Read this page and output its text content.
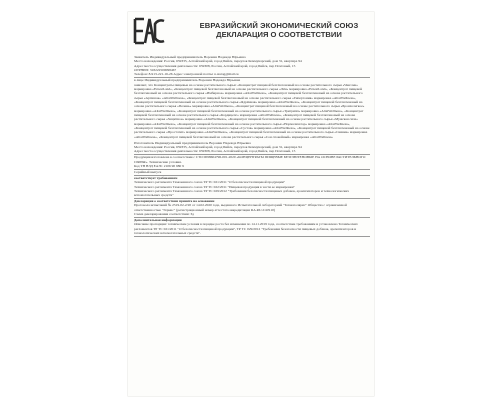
ЕВРАЗИЙСКИЙ ЭКОНОМИЧЕСКИЙ СОЮЗ
ДЕКЛАРАЦИЯ О СООТВЕТСТВИИ

Заявитель Индивидуальный предприниматель Воронин Надежда Юрьевна
Место нахождения: Россия, 659335, Алтайский край, город Бийск, переулок Коммунарский, дом 31, квартира 94
Адрес места осуществления деятельности: 659308, Россия, Алтайский край, город Бийск, пер Почтовый, 15
ОГРНИП: 318222500098467
Телефон: 8-913-221-16-26 Адрес электронной почты: n.atatag@mail.ru

в лице Индивидуальный предприниматель Воронин Надежда Юрьевна
заявляет, что Концентраты пищевые на основе растительного сырья: «Концентрат пищевой безглютеновый на основе растительного сырья «Чиа/лен» маркировка «ErnestLand», «Концентрат пищевой безглютеновый на основе растительного сырья «Лён» маркировка «ErnestLand», «Концентрат пищевой безглютеновый на основе растительного сырья «Имбирное» маркировка «AltaiWellness», «Концентрат пищевой безглютеновый на основе растительного сырья «Артишок» «AltaiWellness», «Концентрат пищевой безглютеновый на основе растительного сырья «Гипертония» маркировка «AltaiWellness», «Концентрат пищевой безглютеновый на основе растительного сырья «Ядрённая» маркировка «AltaiWellness», «Концентрат пищевой безглютеновый на основе растительного сырья «Печень» маркировка «AltaiWellness», «Концентрат пищевой безглютеновый на основе растительного сырья «Бронхолегкое» маркировка «AltaiWellness», «Концентрат пищевой безглютеновый на основе растительного сырья «Тригрипп» маркировка «AltaiWellness», «Концентрат пищевой безглютеновый на основе растительного сырья «Кордицепс» маркировка «AltaiWellness», «Концентрат пищевой безглютеновый на основе растительного сырья «Защитное» маркировка «AltaiWellness», «Концентрат пищевой безглютеновый на основе растительного сырья «Мужская сила» маркировка «AltaiWellness», «Концентрат пищевой безглютеновый на основе растительного сырья «Нормализатор» маркировка «AltaiWellness», «Концентрат пищевой безглютеновый на основе растительного сырья «Сустав» маркировка «AltaiWellness», «Концентрат пищевой безглютеновый на основе растительного сырья «Простатит» маркировка «AltaiWellness», «Концентрат пищевой безглютеновый на основе растительного сырья «Сияние» маркировка «AltaiWellness», «Концентрат пищевой безглютеновый на основе растительного сырья «Сон спокойный» маркировка «AltaiWellness»

Изготовитель Индивидуальный предприниматель Воронин Надежда Юрьевна
Место нахождения: Россия, 659335, Алтайский край, город Бийск, переулок Коммунарский, дом 31, квартира 94
Адрес места осуществления деятельности: 659308, Россия, Алтайский край, город Бийск, пер Почтовый, 15

Продукция изготовлена в соответствии с СТО 0098604796-001-2020 «КОНЦЕНТРАТЫ ПИЩЕВЫЕ БЕЗГЛЮТЕНОВЫЕ НА ОСНОВЕ РАСТИТЕЛЬНОГО СЫРЬЯ». Технические условия.

Код ТН ВЭД ЕАЭС 2106 90 980 9

Серийный выпуск

соответствует требованиям

Технического регламента Таможенного союза ТР ТС 021/2011 "О безопасности пищевой продукции"
Технического регламента Таможенного союза ТР ТС 022/2011 "Пищевая продукция в части ее маркировки"
Технического регламента Таможенного союза ТР ТС 029/2012 "Требования безопасности пищевых добавок, ароматизаторов и технологических вспомогательных средств"

Декларация о соответствии принята на основании

Протокола испытаний № 2519-02-2/20 от 14.02.2020 года, выданного Испытательной лабораторией "Технополярис" Общества с ограниченной ответственностью "Гермес" (регистрационный номер аттестата аккредитации RA.RU.21OS10)
Схема декларирования соответствия: 3д

Дополнительная информация

Описание пропорции: технические условия в порядке роста без изменения по 14.11.2019 года, соответствие требованиям и установлено Технических регламентов ТР ТС 021/2011 "О безопасности пищевой продукции", ТР ТС 029/2012 "Требования безопасности пищевых добавок, ароматизаторов и технологических вспомогательных средств".
